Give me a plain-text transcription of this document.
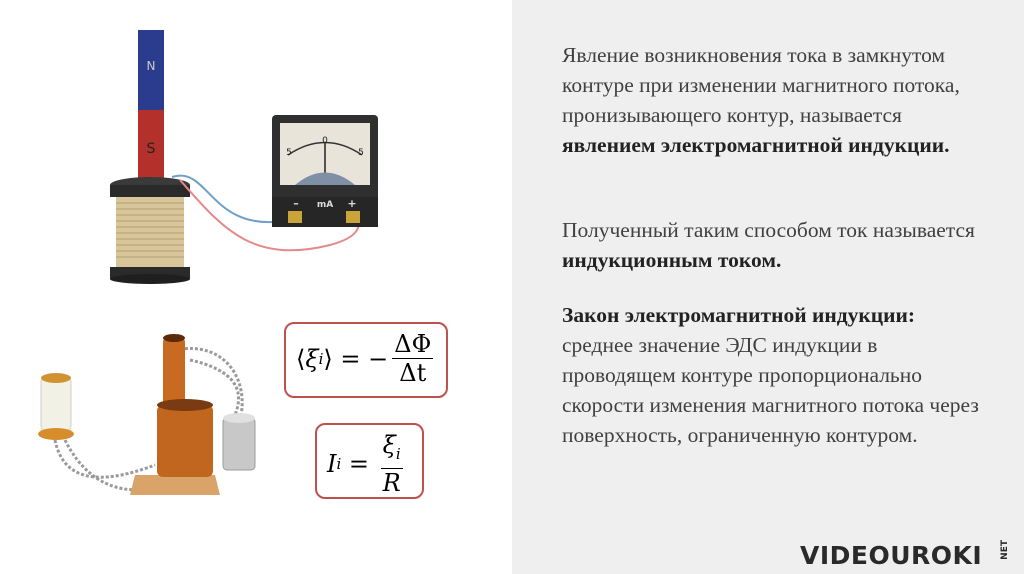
N
S	0
5	5
mA
–	+
⟨ ξ i ⟩ = − $\frac{\Delta\Phi}{\Delta t}$
I $i = \frac{\xi_i}{R}$

Явление возникновения тока в замкнутом контуре при изменении магнитного потока, пронизывающего контур, называется явлением электромагнитной индукции.

Полученный таким способом ток называется индукционным током.

Закон электромагнитной индукции: среднее значение ЭДС индукции в проводящем контуре пропорционально скорости изменения магнитного потока через поверхность, ограниченную контуром.

VIDEOUROKI NET
